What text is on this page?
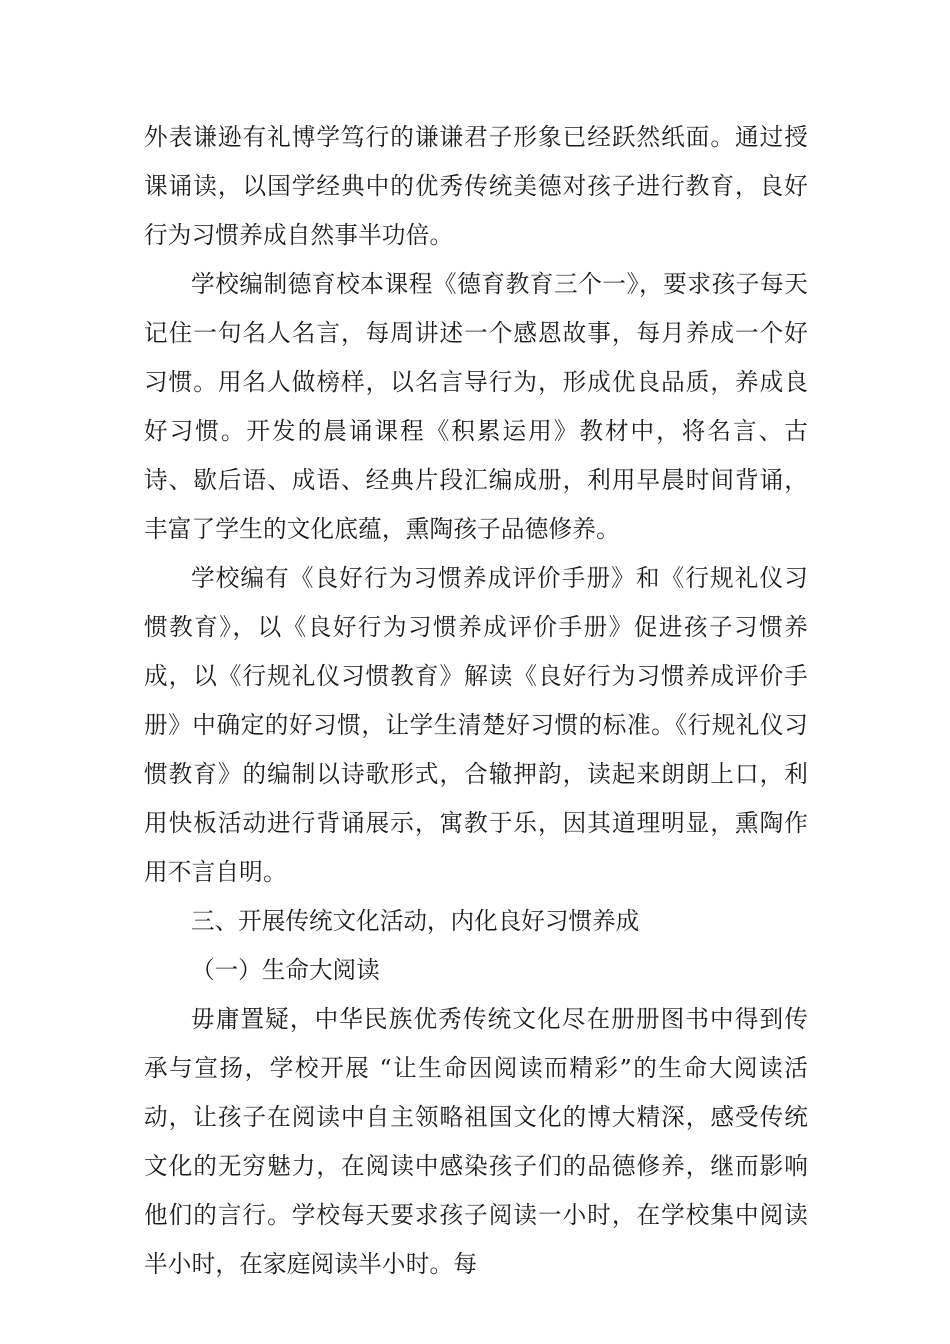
外表谦逊有礼博学笃行的谦谦君子形象已经跃然纸面。通过授课诵读，以国学经典中的优秀传统美德对孩子进行教育，良好行为习惯养成自然事半功倍。

学校编制德育校本课程《德育教育三个一》，要求孩子每天记住一句名人名言，每周讲述一个感恩故事，每月养成一个好习惯。用名人做榜样，以名言导行为，形成优良品质，养成良好习惯。开发的晨诵课程《积累运用》教材中，将名言、古诗、歇后语、成语、经典片段汇编成册，利用早晨时间背诵，丰富了学生的文化底蕴，熏陶孩子品德修养。

学校编有《良好行为习惯养成评价手册》和《行规礼仪习惯教育》，以《良好行为习惯养成评价手册》促进孩子习惯养成，以《行规礼仪习惯教育》解读《良好行为习惯养成评价手册》中确定的好习惯，让学生清楚好习惯的标准。《行规礼仪习惯教育》的编制以诗歌形式，合辙押韵，读起来朗朗上口，利用快板活动进行背诵展示，寓教于乐，因其道理明显，熏陶作用不言自明。

三、开展传统文化活动，内化良好习惯养成

（一）生命大阅读

毋庸置疑，中华民族优秀传统文化尽在册册图书中得到传承与宣扬，学校开展 “让生命因阅读而精彩”的生命大阅读活动，让孩子在阅读中自主领略祖国文化的博大精深，感受传统文化的无穷魅力，在阅读中感染孩子们的品德修养，继而影响他们的言行。学校每天要求孩子阅读一小时，在学校集中阅读半小时，在家庭阅读半小时。每
